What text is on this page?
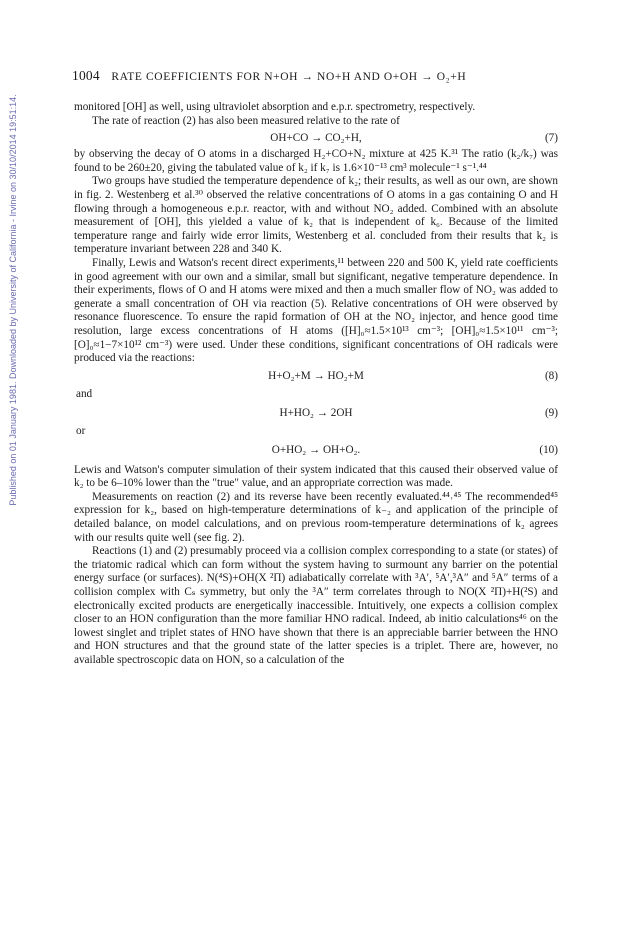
Published on 01 January 1981. Downloaded by University of California - Irvine on 30/10/2014 19:51:14.
1004 RATE COEFFICIENTS FOR N+OH → NO+H AND O+OH → O₂+H

monitored [OH] as well, using ultraviolet absorption and e.p.r. spectrometry, respectively.

The rate of reaction (2) has also been measured relative to the rate of

OH+CO → CO₂+H,	(7)

by observing the decay of O atoms in a discharged H₂+CO+N₂ mixture at 425 K.³¹ The ratio (k₂/k₇) was found to be 260±20, giving the tabulated value of k₂ if k₇ is 1.6×10⁻¹³ cm³ molecule⁻¹ s⁻¹.⁴⁴

Two groups have studied the temperature dependence of k₂; their results, as well as our own, are shown in fig. 2. Westenberg et al.³⁰ observed the relative concentrations of O atoms in a gas containing O and H flowing through a homogeneous e.p.r. reactor, with and without NO₂ added. Combined with an absolute measurement of [OH], this yielded a value of k₂ that is independent of k₆. Because of the limited temperature range and fairly wide error limits, Westenberg et al. concluded from their results that k₂ is temperature invariant between 228 and 340 K.

Finally, Lewis and Watson's recent direct experiments,¹¹ between 220 and 500 K, yield rate coefficients in good agreement with our own and a similar, small but significant, negative temperature dependence. In their experiments, flows of O and H atoms were mixed and then a much smaller flow of NO₂ was added to generate a small concentration of OH via reaction (5). Relative concentrations of OH were observed by resonance fluorescence. To ensure the rapid formation of OH at the NO₂ injector, and hence good time resolution, large excess concentrations of H atoms ([H]₀≈1.5×10¹³ cm⁻³; [OH]₀≈1.5×10¹¹ cm⁻³; [O]₀≈1−7×10¹² cm⁻³) were used. Under these conditions, significant concentrations of OH radicals were produced via the reactions:

H+O₂+M → HO₂+M	(8)
and
H+HO₂ → 2OH	(9)
or
O+HO₂ → OH+O₂.	(10)

Lewis and Watson's computer simulation of their system indicated that this caused their observed value of k₂ to be 6–10% lower than the "true" value, and an appropriate correction was made.

Measurements on reaction (2) and its reverse have been recently evaluated.⁴⁴˒⁴⁵ The recommended⁴⁵ expression for k₂, based on high-temperature determinations of k₋₂ and application of the principle of detailed balance, on model calculations, and on previous room-temperature determinations of k₂ agrees with our results quite well (see fig. 2).

Reactions (1) and (2) presumably proceed via a collision complex corresponding to a state (or states) of the triatomic radical which can form without the system having to surmount any barrier on the potential energy surface (or surfaces). N(⁴S)+OH(X ²Π) adiabatically correlate with ³A′, ⁵A′,³A″ and ⁵A″ terms of a collision complex with Cₛ symmetry, but only the ³A″ term correlates through to NO(X ²Π)+H(²S) and electronically excited products are energetically inaccessible. Intuitively, one expects a collision complex closer to an HON configuration than the more familiar HNO radical. Indeed, ab initio calculations⁴⁶ on the lowest singlet and triplet states of HNO have shown that there is an appreciable barrier between the HNO and HON structures and that the ground state of the latter species is a triplet. There are, however, no available spectroscopic data on HON, so a calculation of the
